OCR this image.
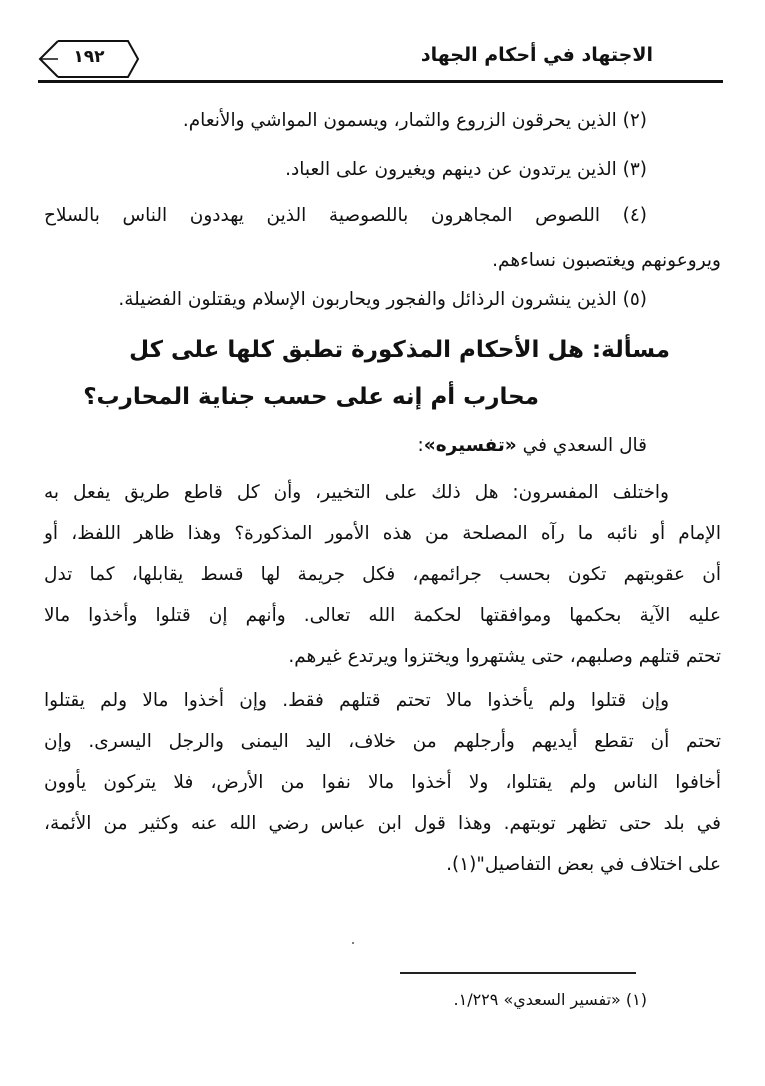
الاجتهاد في أحكام الجهاد
١٩٢
(٢) الذين يحرقون الزروع والثمار، ويسمون المواشي والأنعام.
(٣) الذين يرتدون عن دينهم ويغيرون على العباد.
(٤) اللصوص المجاهرون باللصوصية الذين يهددون الناس بالسلاح
ويروعونهم ويغتصبون نساءهم.
(٥) الذين ينشرون الرذائل والفجور ويحاربون الإسلام ويقتلون الفضيلة.
مسألة: هل الأحكام المذكورة تطبق كلها على كل
محارب أم إنه على حسب جناية المحارب؟
قال السعدي في «تفسيره»:
واختلف المفسرون: هل ذلك على التخيير، وأن كل قاطع طريق يفعل به
الإمام أو نائبه ما رآه المصلحة من هذه الأمور المذكورة؟ وهذا ظاهر اللفظ، أو
أن عقوبتهم تكون بحسب جرائمهم، فكل جريمة لها قسط يقابلها، كما تدل
عليه الآية بحكمها وموافقتها لحكمة الله تعالى. وأنهم إن قتلوا وأخذوا مالا
تحتم قتلهم وصلبهم، حتى يشتهروا ويختزوا ويرتدع غيرهم.
وإن قتلوا ولم يأخذوا مالا تحتم قتلهم فقط. وإن أخذوا مالا ولم يقتلوا
تحتم أن تقطع أيديهم وأرجلهم من خلاف، اليد اليمنى والرجل اليسرى. وإن
أخافوا الناس ولم يقتلوا، ولا أخذوا مالا نفوا من الأرض، فلا يتركون يأوون
في بلد حتى تظهر توبتهم. وهذا قول ابن عباس رضي الله عنه وكثير من الأئمة،
على اختلاف في بعض التفاصيل"(١).
(١) «تفسير السعدي» ١/٢٢٩.
